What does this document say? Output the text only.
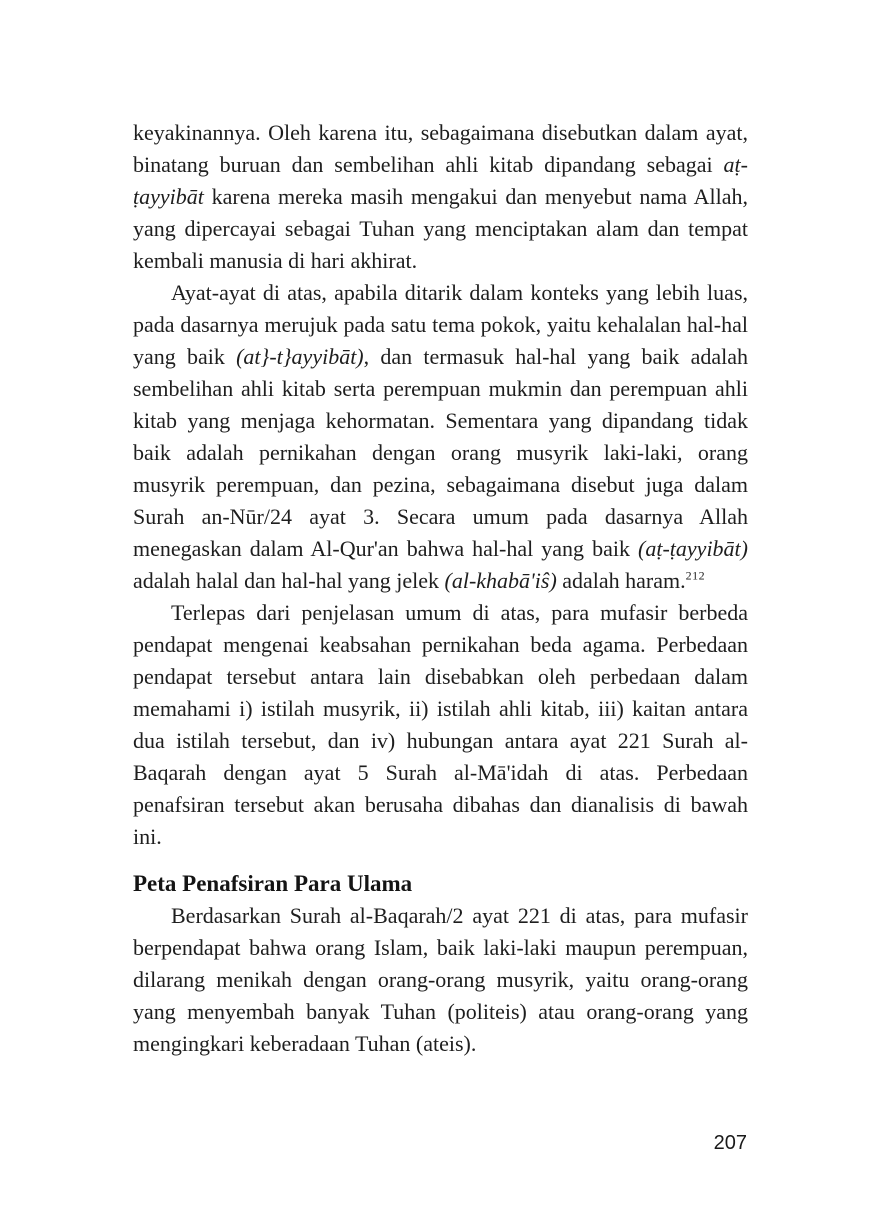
keyakinannya. Oleh karena itu, sebagaimana disebutkan dalam ayat, binatang buruan dan sembelihan ahli kitab dipandang sebagai aṭ-ṭayyibāt karena mereka masih mengakui dan menyebut nama Allah, yang dipercayai sebagai Tuhan yang menciptakan alam dan tempat kembali manusia di hari akhirat.

Ayat-ayat di atas, apabila ditarik dalam konteks yang lebih luas, pada dasarnya merujuk pada satu tema pokok, yaitu kehalalan hal-hal yang baik (at}-t}ayyibāt), dan termasuk hal-hal yang baik adalah sembelihan ahli kitab serta perempuan mukmin dan perempuan ahli kitab yang menjaga kehormatan. Sementara yang dipandang tidak baik adalah pernikahan dengan orang musyrik laki-laki, orang musyrik perempuan, dan pezina, sebagaimana disebut juga dalam Surah an-Nūr/24 ayat 3. Secara umum pada dasarnya Allah menegaskan dalam Al-Qur'an bahwa hal-hal yang baik (aṭ-ṭayyibāt) adalah halal dan hal-hal yang jelek (al-khabā'iŝ) adalah haram.$^{212}$

Terlepas dari penjelasan umum di atas, para mufasir berbeda pendapat mengenai keabsahan pernikahan beda agama. Perbedaan pendapat tersebut antara lain disebabkan oleh perbedaan dalam memahami i) istilah musyrik, ii) istilah ahli kitab, iii) kaitan antara dua istilah tersebut, dan iv) hubungan antara ayat 221 Surah al-Baqarah dengan ayat 5 Surah al-Mā'idah di atas. Perbedaan penafsiran tersebut akan berusaha dibahas dan dianalisis di bawah ini.

Peta Penafsiran Para Ulama

Berdasarkan Surah al-Baqarah/2 ayat 221 di atas, para mufasir berpendapat bahwa orang Islam, baik laki-laki maupun perempuan, dilarang menikah dengan orang-orang musyrik, yaitu orang-orang yang menyembah banyak Tuhan (politeis) atau orang-orang yang mengingkari keberadaan Tuhan (ateis).

207
